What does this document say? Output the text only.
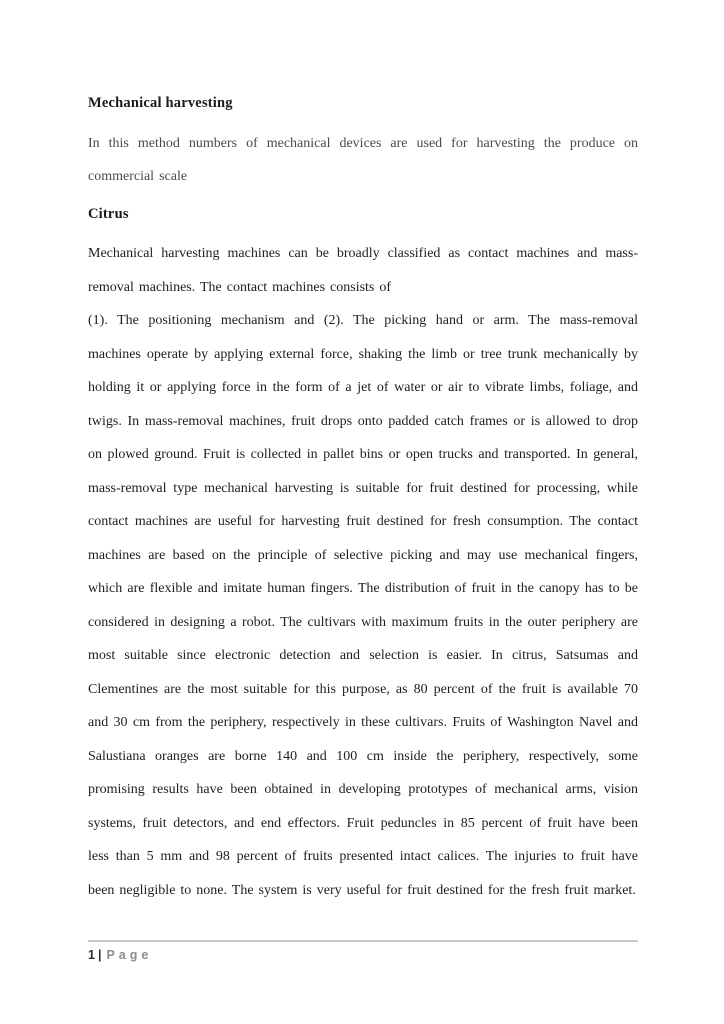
Mechanical harvesting

In this method numbers of mechanical devices are used for harvesting the produce on commercial scale

Citrus

Mechanical harvesting machines can be broadly classified as contact machines and mass-removal machines. The contact machines consists of

(1). The positioning mechanism and (2). The picking hand or arm. The mass-removal machines operate by applying external force, shaking the limb or tree trunk mechanically by holding it or applying force in the form of a jet of water or air to vibrate limbs, foliage, and twigs. In mass-removal machines, fruit drops onto padded catch frames or is allowed to drop on plowed ground. Fruit is collected in pallet bins or open trucks and transported. In general, mass-removal type mechanical harvesting is suitable for fruit destined for processing, while contact machines are useful for harvesting fruit destined for fresh consumption. The contact machines are based on the principle of selective picking and may use mechanical fingers, which are flexible and imitate human fingers. The distribution of fruit in the canopy has to be considered in designing a robot. The cultivars with maximum fruits in the outer periphery are most suitable since electronic detection and selection is easier. In citrus, Satsumas and Clementines are the most suitable for this purpose, as 80 percent of the fruit is available 70 and 30 cm from the periphery, respectively in these cultivars. Fruits of Washington Navel and Salustiana oranges are borne 140 and 100 cm inside the periphery, respectively, some promising results have been obtained in developing prototypes of mechanical arms, vision systems, fruit detectors, and end effectors. Fruit peduncles in 85 percent of fruit have been less than 5 mm and 98 percent of fruits presented intact calices. The injuries to fruit have been negligible to none. The system is very useful for fruit destined for the fresh fruit market.

1 | Page
